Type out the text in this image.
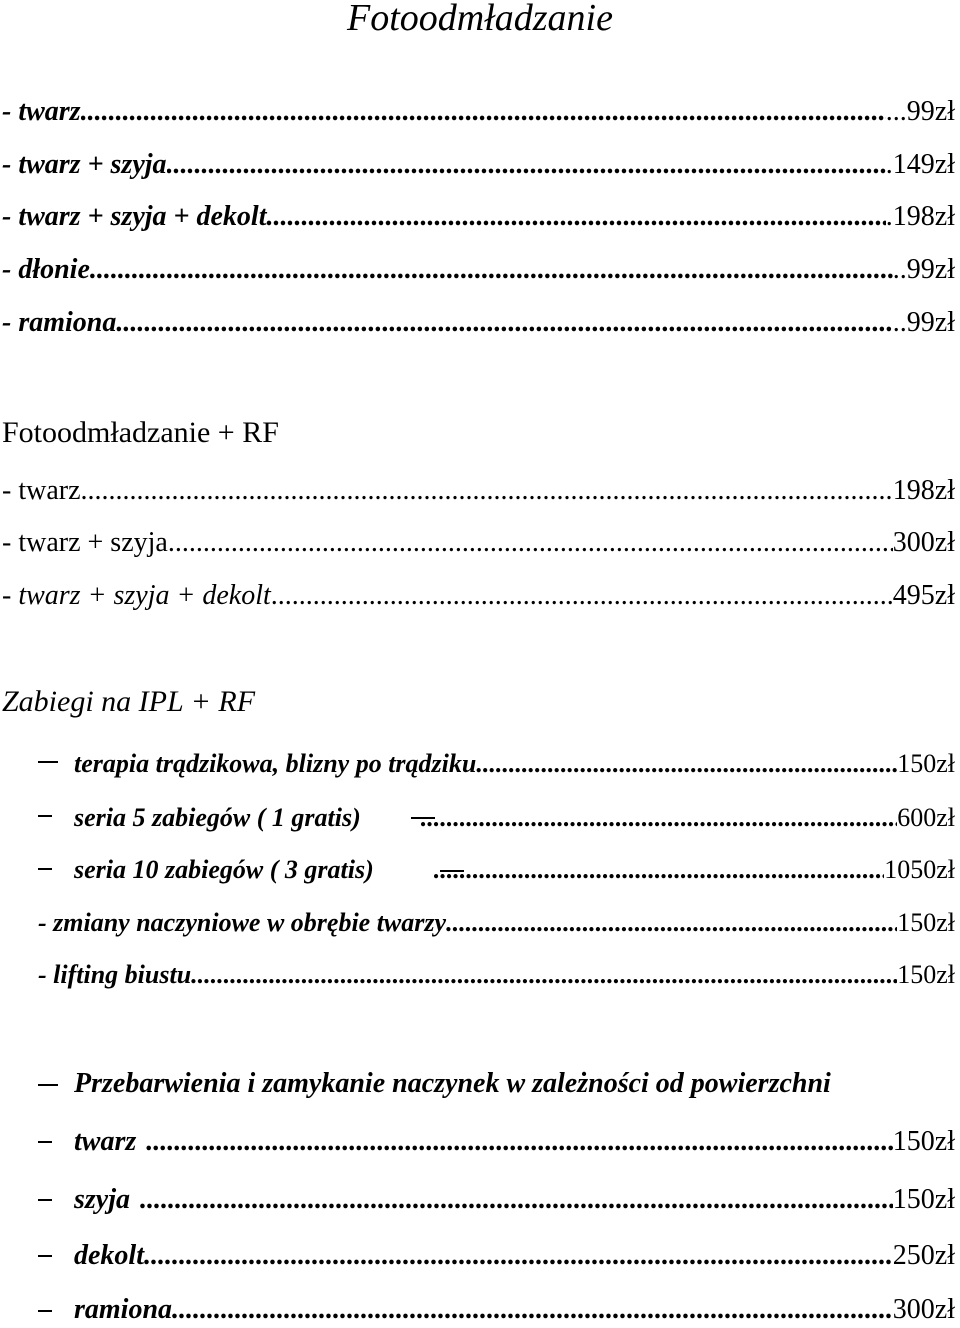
Fotoodmładzanie
- twarz .....	...99zł
- twarz + szyja .....	.149zł
- twarz + szyja + dekolt .....	.198zł
- dłonie .....	..99zł
- ramiona .....	..99zł
Fotoodmładzanie + RF
- twarz .....	198zł
- twarz + szyja .....	300zł
- twarz + szyja + dekolt .....	495zł
Zabiegi na IPL + RF
terapia trądzikowa, blizny po trądziku .....	150zł
seria 5 zabiegów ( 1 gratis) .....	600zł
seria 10 zabiegów ( 3 gratis) .....	1050zł
- zmiany naczyniowe w obrębie twarzy .....	150zł
- lifting biustu .....	150zł
Przebarwienia i zamykanie naczynek w zależności od powierzchni
twarz .....	150zł
szyja .....	150zł
dekolt .....	250zł
ramiona .....	300zł
